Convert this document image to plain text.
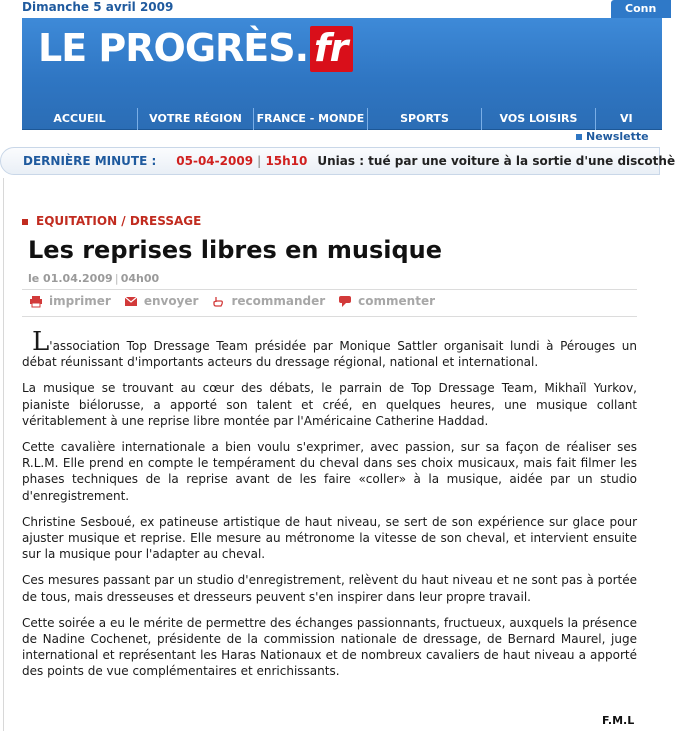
Dimanche 5 avril 2009	Conn
LE PROGRÈS. fr
ACCUEIL	VOTRE RÉGION	FRANCE - MONDE	SPORTS	VOS LOISIRS	VI
Newslette
DERNIÈRE MINUTE : 05-04-2009 | 15h10 Unias : tué par une voiture à la sortie d'une discothè
EQUITATION / DRESSAGE
Les reprises libres en musique
le 01.04.2009 | 04h00
imprimer	envoyer	recommander	commenter

L'association Top Dressage Team présidée par Monique Sattler organisait lundi à Pérouges un débat réunissant d'importants acteurs du dressage régional, national et international.

La musique se trouvant au cœur des débats, le parrain de Top Dressage Team, Mikhaïl Yurkov, pianiste biélorusse, a apporté son talent et créé, en quelques heures, une musique collant véritablement à une reprise libre montée par l'Américaine Catherine Haddad.

Cette cavalière internationale a bien voulu s'exprimer, avec passion, sur sa façon de réaliser ses R.L.M. Elle prend en compte le tempérament du cheval dans ses choix musicaux, mais fait filmer les phases techniques de la reprise avant de les faire «coller» à la musique, aidée par un studio d'enregistrement.

Christine Sesboué, ex patineuse artistique de haut niveau, se sert de son expérience sur glace pour ajuster musique et reprise. Elle mesure au métronome la vitesse de son cheval, et intervient ensuite sur la musique pour l'adapter au cheval.

Ces mesures passant par un studio d'enregistrement, relèvent du haut niveau et ne sont pas à portée de tous, mais dresseuses et dresseurs peuvent s'en inspirer dans leur propre travail.

Cette soirée a eu le mérite de permettre des échanges passionnants, fructueux, auxquels la présence de Nadine Cochenet, présidente de la commission nationale de dressage, de Bernard Maurel, juge international et représentant les Haras Nationaux et de nombreux cavaliers de haut niveau a apporté des points de vue complémentaires et enrichissants.

F.M.L
